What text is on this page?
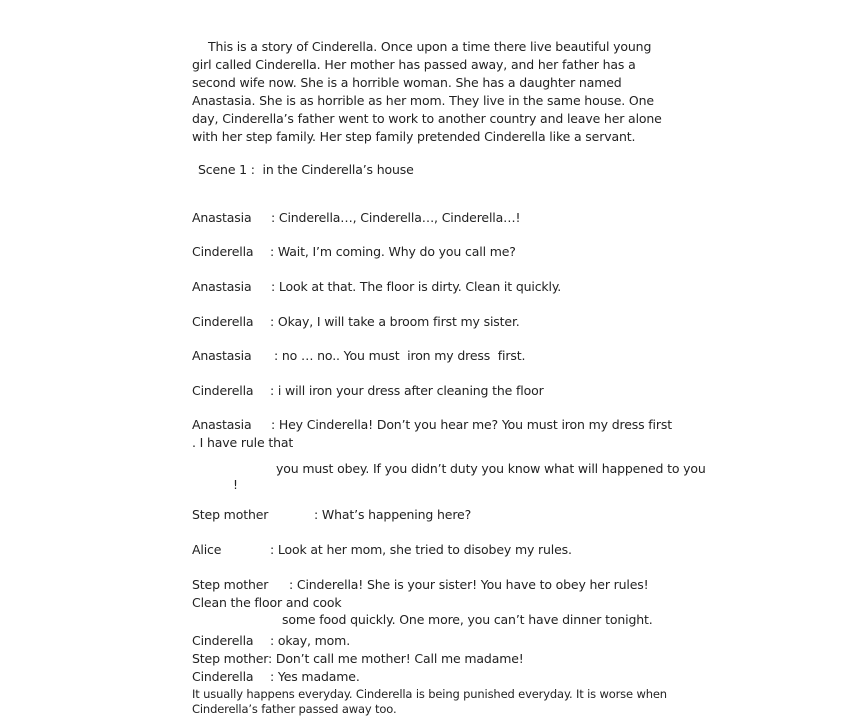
This is a story of Cinderella. Once upon a time there live beautiful young girl called Cinderella. Her mother has passed away, and her father has a second wife now. She is a horrible woman. She has a daughter named Anastasia. She is as horrible as her mom. They live in the same house. One day, Cinderella’s father went to work to another country and leave her alone with her step family. Her step family pretended Cinderella like a servant.

Scene 1 :  in the Cinderella’s house

Anastasia : Cinderella…, Cinderella…, Cinderella…!

Cinderella : Wait, I’m coming. Why do you call me?

Anastasia : Look at that. The floor is dirty. Clean it quickly.

Cinderella : Okay, I will take a broom first my sister.

Anastasia : no … no.. You must  iron my dress  first.

Cinderella : i will iron your dress after cleaning the floor

Anastasia : Hey Cinderella! Don’t you hear me? You must iron my dress first . I have rule that

you must obey. If you didn’t duty you know what will happened to you

!

Step mother	: What’s happening here?

Alice	: Look at her mom, she tried to disobey my rules.

Step mother : Cinderella! She is your sister! You have to obey her rules! Clean the floor and cook

some food quickly. One more, you can’t have dinner tonight.

Cinderella : okay, mom.

Step mother: Don’t call me mother! Call me madame!

Cinderella : Yes madame.

It usually happens everyday. Cinderella is being punished everyday. It is worse when Cinderella’s father passed away too.
